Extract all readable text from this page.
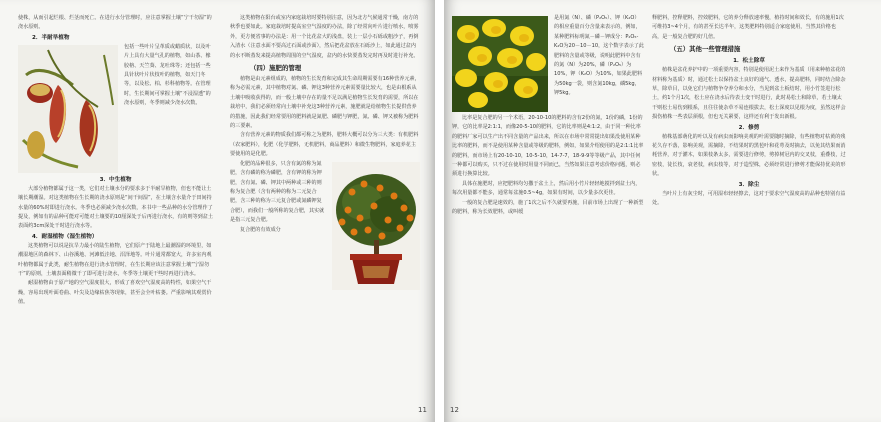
使株，从而引起烂根、烂茎而死亡。在进行水分管理时，应注意掌握土壤“宁干勿湿”的浇水原则。

2．半耐旱植物

包括一些叶片呈革质或蜡质状，以及叶片上具有大量气孔的植物，如山茶、橡胶榕、天竺葵、龙吐珠等；还包括一些具针状叶片状枝叶的植物，如天门冬等，以及松、柏、杉科植物等。在管理时，生长期间可掌握土壤“不浸湿透”的浇水原则，冬季则减少浇水次数。

3．中生植物

大部分植物都属于这一类，它们对土壤水分的要求多于半耐旱植物，但也不能让土壤长期潮湿。对这类植物在生长期的浇水原则是“间干间湿”，在土壤含水量介于田间持水量的60%时即进行浇水。冬季也必须减少浇水次数，本书中一些品种的水分管理作了提及，例如有的品种可能对可能对土壤要的10厘深处于后再进行浇水，有的则等到盆土表面约3cm深处干时进行浇水等。

4．耐湿植物（湿生植物）

这类植物可以说是抗旱力最小的陆生植物，它们原产于陆地上最潮湿的环境里，如潮湿地区的森林下、山谷溪地、河滩低洼地、沼泽地等。叶片通常都宽大，许多室内观叶植物都属于此类，耐生植物在进行浇水管理时，在生长期应该注意掌握土壤“宁湿勿干”的原则，土壤表面稍微干了即可进行浇水，冬季等土壤更干些时再进行浇水。

耐湿植物由于原产地的空气湿度很大，形成了喜欢空气湿度高的特性，如果空气干燥，容易出现叶面卷曲、叶尖及边缘枯焦等现象，甚至会全叶枯萎。严重影响其观赏价值。

这类植物在阳台或室内家庭栽培时要特别注意，因为北方气候通常干燥，南方的秋季也要如此。家庭栽培时提高室空气湿度的办法，除了经常向叶片进行喷水，喷雾外，更方便省事的办法是：用一个比花盆大的浅盘，装上一层小石砾或粗沙子，再倒入清水（注意水面不要高过石面或沙面），然后把花盆放在石砾沙上，如此通过盆内的水不断蒸发来提高植物周围的空气湿度，盆内的水快要蒸发完时再及时进行补充。

（四）施肥的管理

植物是由元素组成的，植物的生长发育和完成其生命周期需要有16种营养元素，称为必需元素，其中植物对氮、磷、钾这3种营养元素需要量比较大，也是由根系从土壤中吸收获得的，而一般土壤中存在的量不足以满足植物生长发育的需要，所以在栽培中，我们必须经常向土壤中补充这3种营养元素，施肥就是给植物生长提供营养的措施，因此我们经常要用的肥料就是氮肥、磷肥与钾肥，氮、磷、钾又被称为肥料的三要素。

含有营养元素的物质我们都可称之为肥料，肥料大概可以分为三大类：有机肥料（农家肥料），化肥（化学肥料，无机肥料，商品肥料）和微生物肥料，家庭养花主要使用的是化肥。

化肥的品种很多，只含有氮的称为氮肥，含有磷的称为磷肥，含有钾的称为钾肥，含有氮、磷、钾其中两种或三种的则称为复合肥（含有两种的称为二元复合肥，含三种的称为三元复合肥或氮磷钾复合肥），而我们一般所称的复合肥，其实就是指三元复合肥。

复合肥的有效成分

11

是用氮（N）、磷（P₂O₅）、钾（K₂O）的相应重量百分含量来表示的，例如，某种肥料标明氮－磷－钾成分：P₂O₅-K₂O为20－10－10，这个数字表示了此肥料的含量或等级，说明此肥料中含有的氮（N）为20%，磷（P₂O₅）为10%，钾（K₂O）为10%，如果此肥料为50kg一袋，则含氮10kg，磷5kg，钾5kg。

比率是复合肥的另一个术语，20-10-10的肥料的含有2份的氮，1份的磷，1份的钾，它的比率是2:1:1，而像20-5-10的肥料，它的比率则是4:1:2，由于同一种比率的肥料厂家可以生产出不同含量的产品出来，所以在市场中常常提出如果没使用某种比率的肥料，而不是使用某种含量或等级的肥料，例如，如果介绍使用的是2:1:1比率的肥料，而市场上有20-10-10，10-5-10，14-7-7，18-9-9等等级产品，其中任何一种都可以购买，只不过在使用时用量不同而已，当然如果注意考虑价格问题，则必须进行换算比较。

具体在施肥时，应把肥料均匀撒于盆土上，然后用小竹片轻轻地搅拌到盆土内，每次用量都不能多，通常每盆施0.5~4g，如果有时间，以少量多次更佳。

一般的复合肥是速效的，施了1次之后不久就要再施，目前市场上出现了一种新型的肥料，称为长效肥料，或叫缓

释肥料，控释肥料，控效肥料，它的养分释放速率慢，植持时间和效长，有的施用1次可维持3~4个月，有的甚至长达半年，这类肥料特别适合家庭使用，当然其价格也高，是一般复合肥的好几倍。

（五）其他一些管理措施
1．松土除草

植株是盆花养护中的一项重要内容，特别是使用泥土来作为基质（用来种植盆花的材料称为基质）时，通过松土以保持盆土良好的通气、透水，提高肥料，同时结合除杂草，除草目，以免它们与植物争夺养分和水分，当见到盆土板结时，用小竹签进行松土，约1个月1次，松土应在浇水后待表土变干时进行，此时易松土和除草，若土壤太干则松土易伤到根系，且往往使杂草不易连根拔去，松土深度以见根为度，虽然这样会损伤植株一些表层须根，但也无关紧要，这样还有利于发出新根。

2．修剪

植株基部萌化的叶以及有病虫而影响美观的叶需要随时摘除，有些植物对枯黄的残花久存不落，影响美观，需摘除，不结果时的黑苞叶和花萼及时摘去，以免其结果而消耗营养，对于灌木，如果枝条太多，需要进行修剪，剪掉树冠内的交叉枝，重叠枝，过密枝，徒长枝，衰老枝，病虫枝等，对于造型株，必须经常进行修剪才能保持优美的形状。

3．除尘

当叶片上有灰尘时，可用湿布轻轻擦去，这对于要求空气湿度高的品种也特别有益处。

12
